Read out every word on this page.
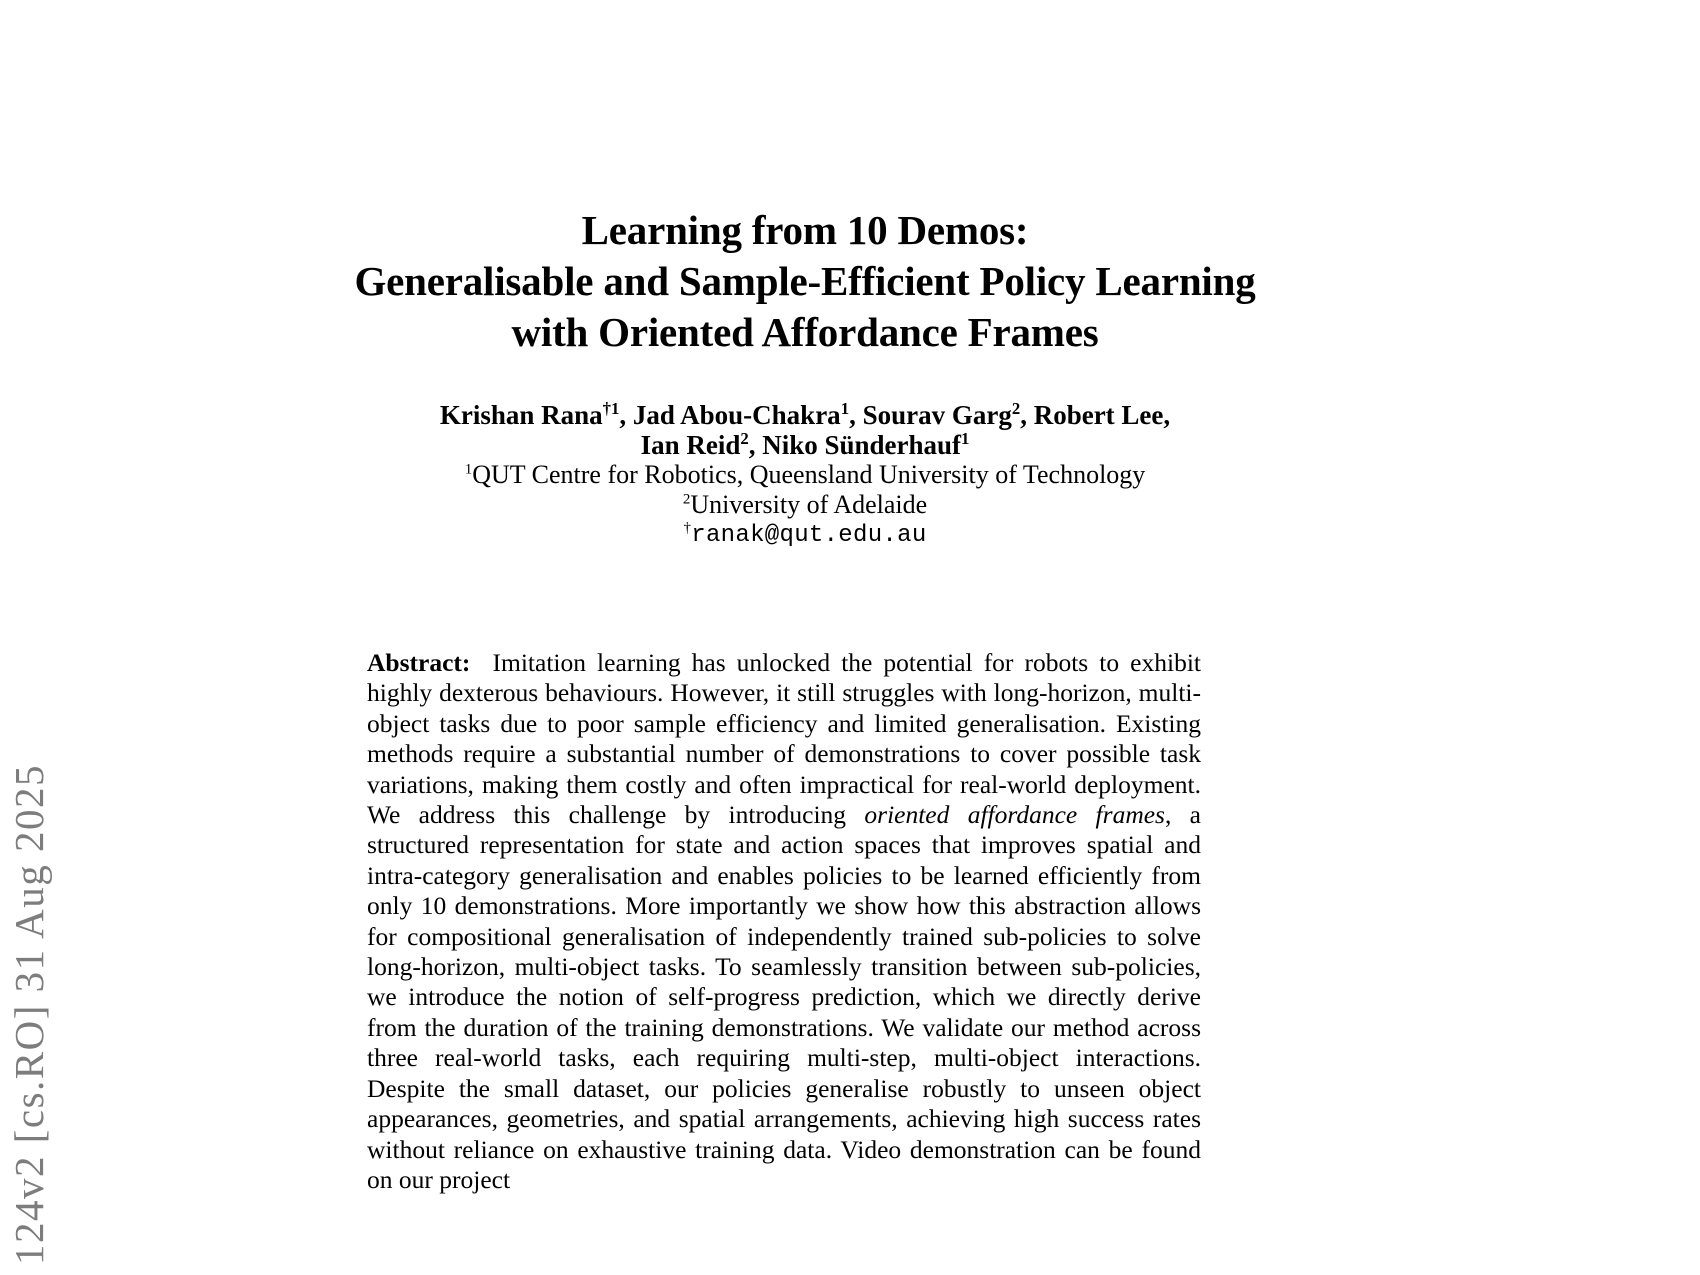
124v2 [cs.RO] 31 Aug 2025
Learning from 10 Demos:
Generalisable and Sample-Efficient Policy Learning
with Oriented Affordance Frames
Krishan Rana$^{\dagger 1}$, Jad Abou-Chakra$^1$, Sourav Garg$^2$, Robert Lee,
Ian Reid$^2$, Niko Sünderhauf$^1$
$^1$QUT Centre for Robotics, Queensland University of Technology
$^2$University of Adelaide
†ranak@qut.edu.au
Abstract: Imitation learning has unlocked the potential for robots to exhibit highly dexterous behaviours. However, it still struggles with long-horizon, multi-object tasks due to poor sample efficiency and limited generalisation. Existing methods require a substantial number of demonstrations to cover possible task variations, making them costly and often impractical for real-world deployment. We address this challenge by introducing oriented affordance frames, a structured representation for state and action spaces that improves spatial and intra-category generalisation and enables policies to be learned efficiently from only 10 demonstrations. More importantly we show how this abstraction allows for compositional generalisation of independently trained sub-policies to solve long-horizon, multi-object tasks. To seamlessly transition between sub-policies, we introduce the notion of self-progress prediction, which we directly derive from the duration of the training demonstrations. We validate our method across three real-world tasks, each requiring multi-step, multi-object interactions. Despite the small dataset, our policies generalise robustly to unseen object appearances, geometries, and spatial arrangements, achieving high success rates without reliance on exhaustive training data. Video demonstration can be found on our project
